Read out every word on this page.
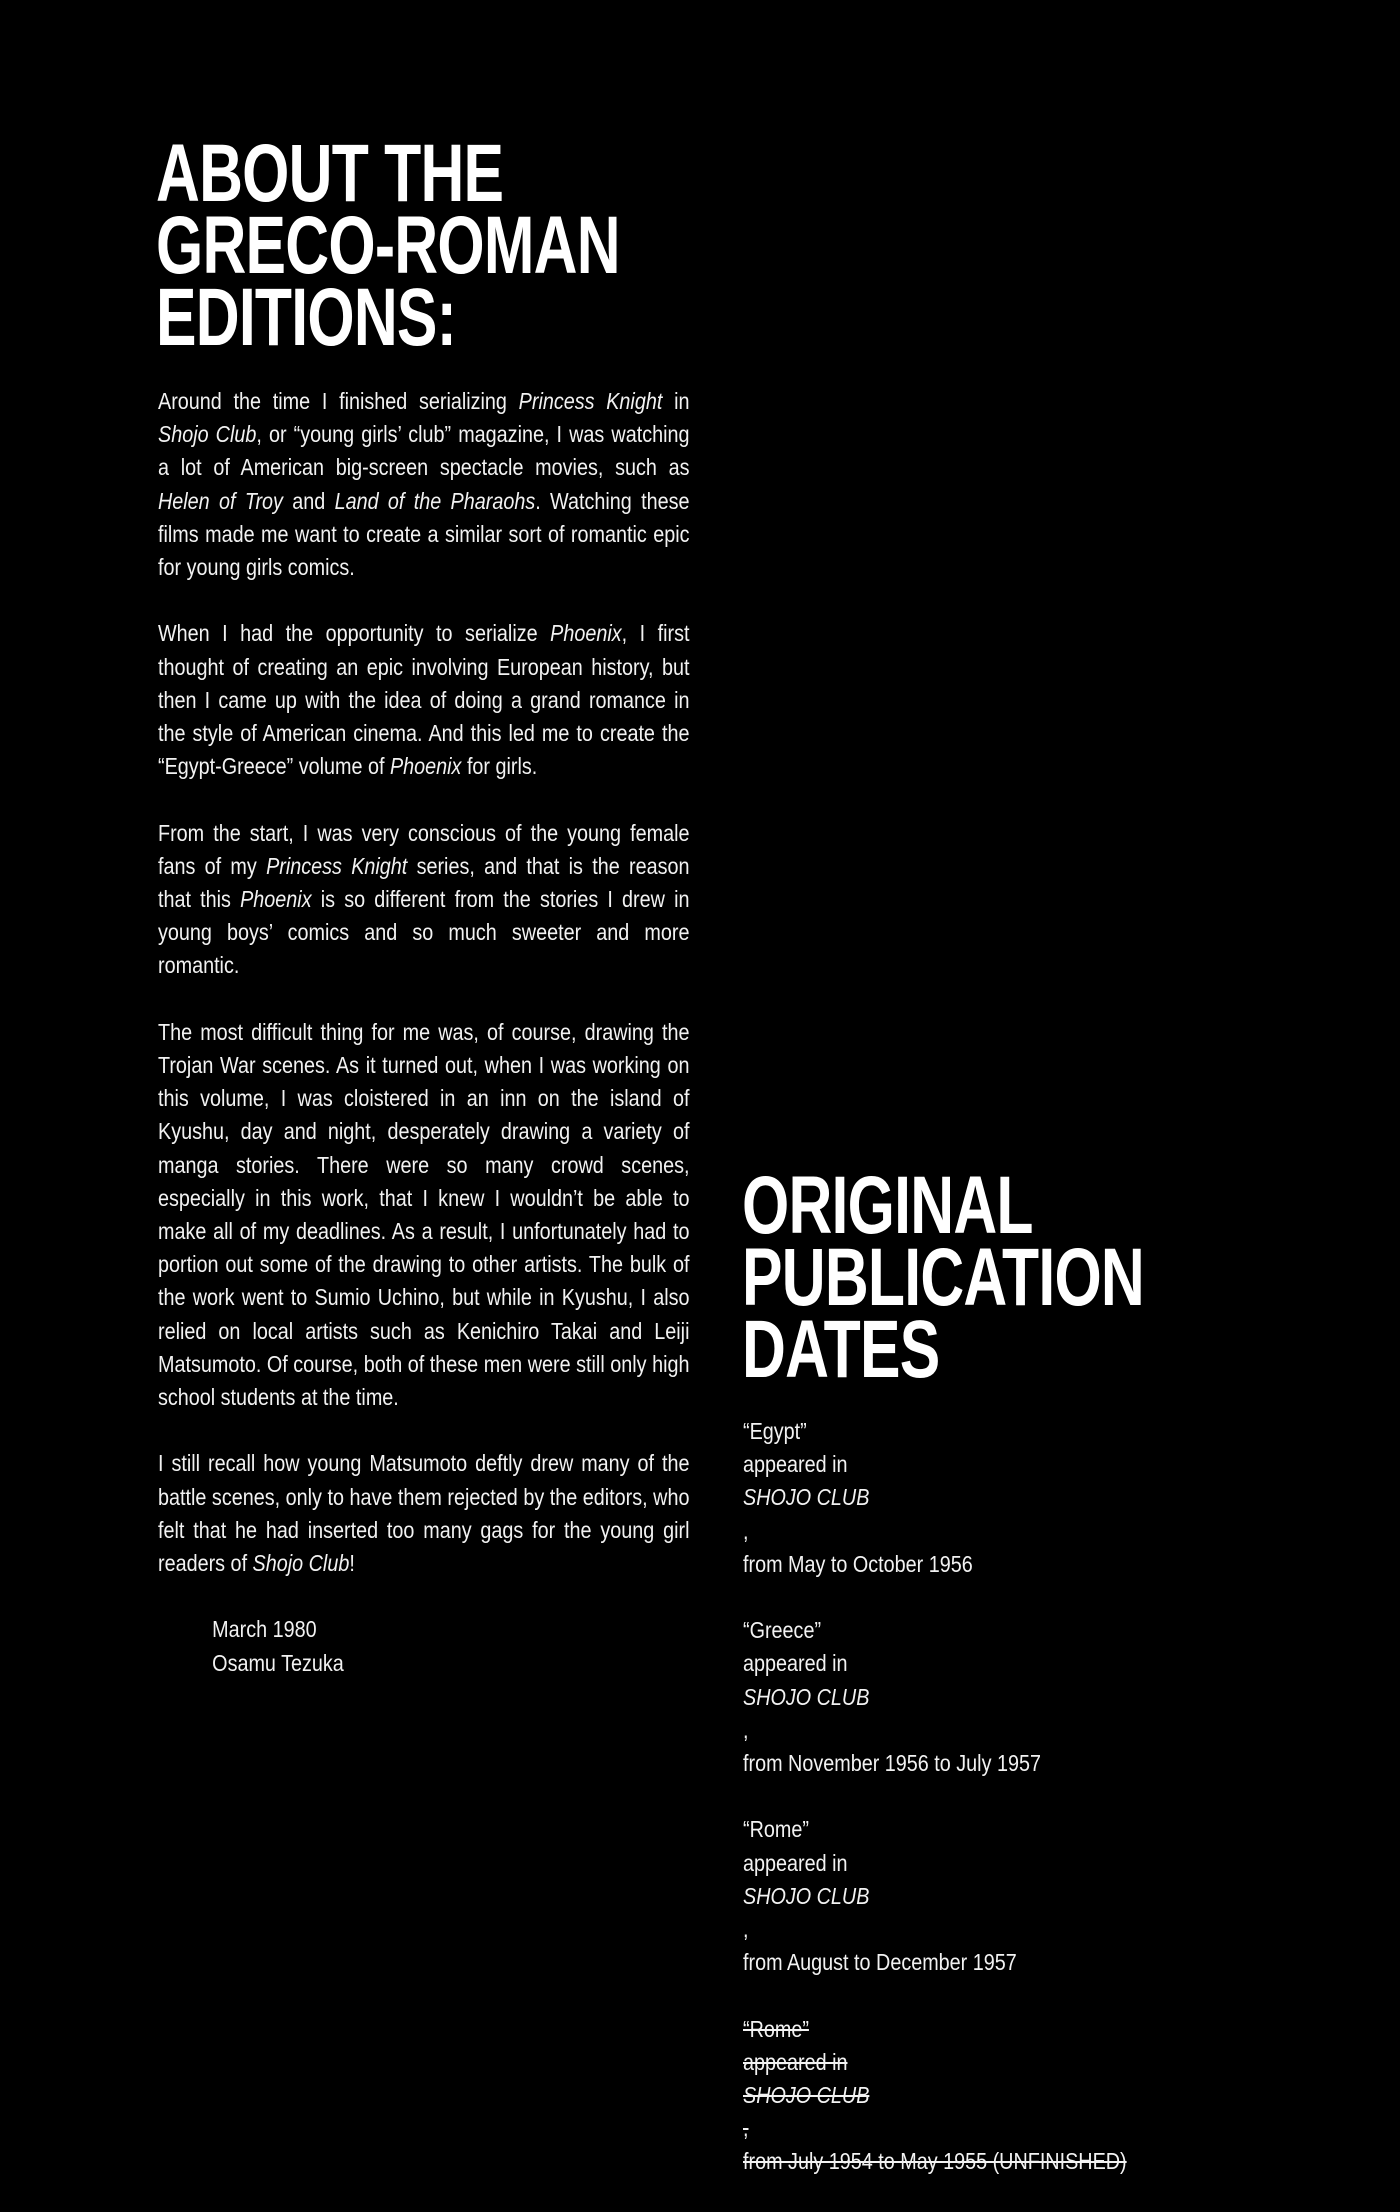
ABOUT THE
GRECO-ROMAN
EDITIONS:

Around the time I finished serializing Princess Knight in Shojo Club, or “young girls’ club” magazine, I was watching a lot of American big-screen spectacle movies, such as Helen of Troy and Land of the Pharaohs. Watching these films made me want to create a similar sort of romantic epic for young girls comics.

When I had the opportunity to serialize Phoenix, I first thought of creating an epic involving European history, but then I came up with the idea of doing a grand romance in the style of American cinema. And this led me to create the “Egypt-Greece” volume of Phoenix for girls.

From the start, I was very conscious of the young female fans of my Princess Knight series, and that is the reason that this Phoenix is so different from the stories I drew in young boys’ comics and so much sweeter and more romantic.

The most difficult thing for me was, of course, drawing the Trojan War scenes. As it turned out, when I was working on this volume, I was cloistered in an inn on the island of Kyushu, day and night, desperately drawing a variety of manga stories. There were so many crowd scenes, especially in this work, that I knew I wouldn’t be able to make all of my deadlines. As a result, I unfortunately had to portion out some of the drawing to other artists. The bulk of the work went to Sumio Uchino, but while in Kyushu, I also relied on local artists such as Kenichiro Takai and Leiji Matsumoto. Of course, both of these men were still only high school students at the time.

I still recall how young Matsumoto deftly drew many of the battle scenes, only to have them rejected by the editors, who felt that he had inserted too many gags for the young girl readers of Shojo Club!

March 1980
Osamu Tezuka
ORIGINAL
PUBLICATION
DATES
“Egypt”
appeared in
SHOJO CLUB
,
from May to October 1956
“Greece”
appeared in
SHOJO CLUB
,
from November 1956 to July 1957
“Rome”
appeared in
SHOJO CLUB
,
from August to December 1957
“Rome”
appeared in
SHOJO CLUB
,
from July 1954 to May 1955 (UNFINISHED)
